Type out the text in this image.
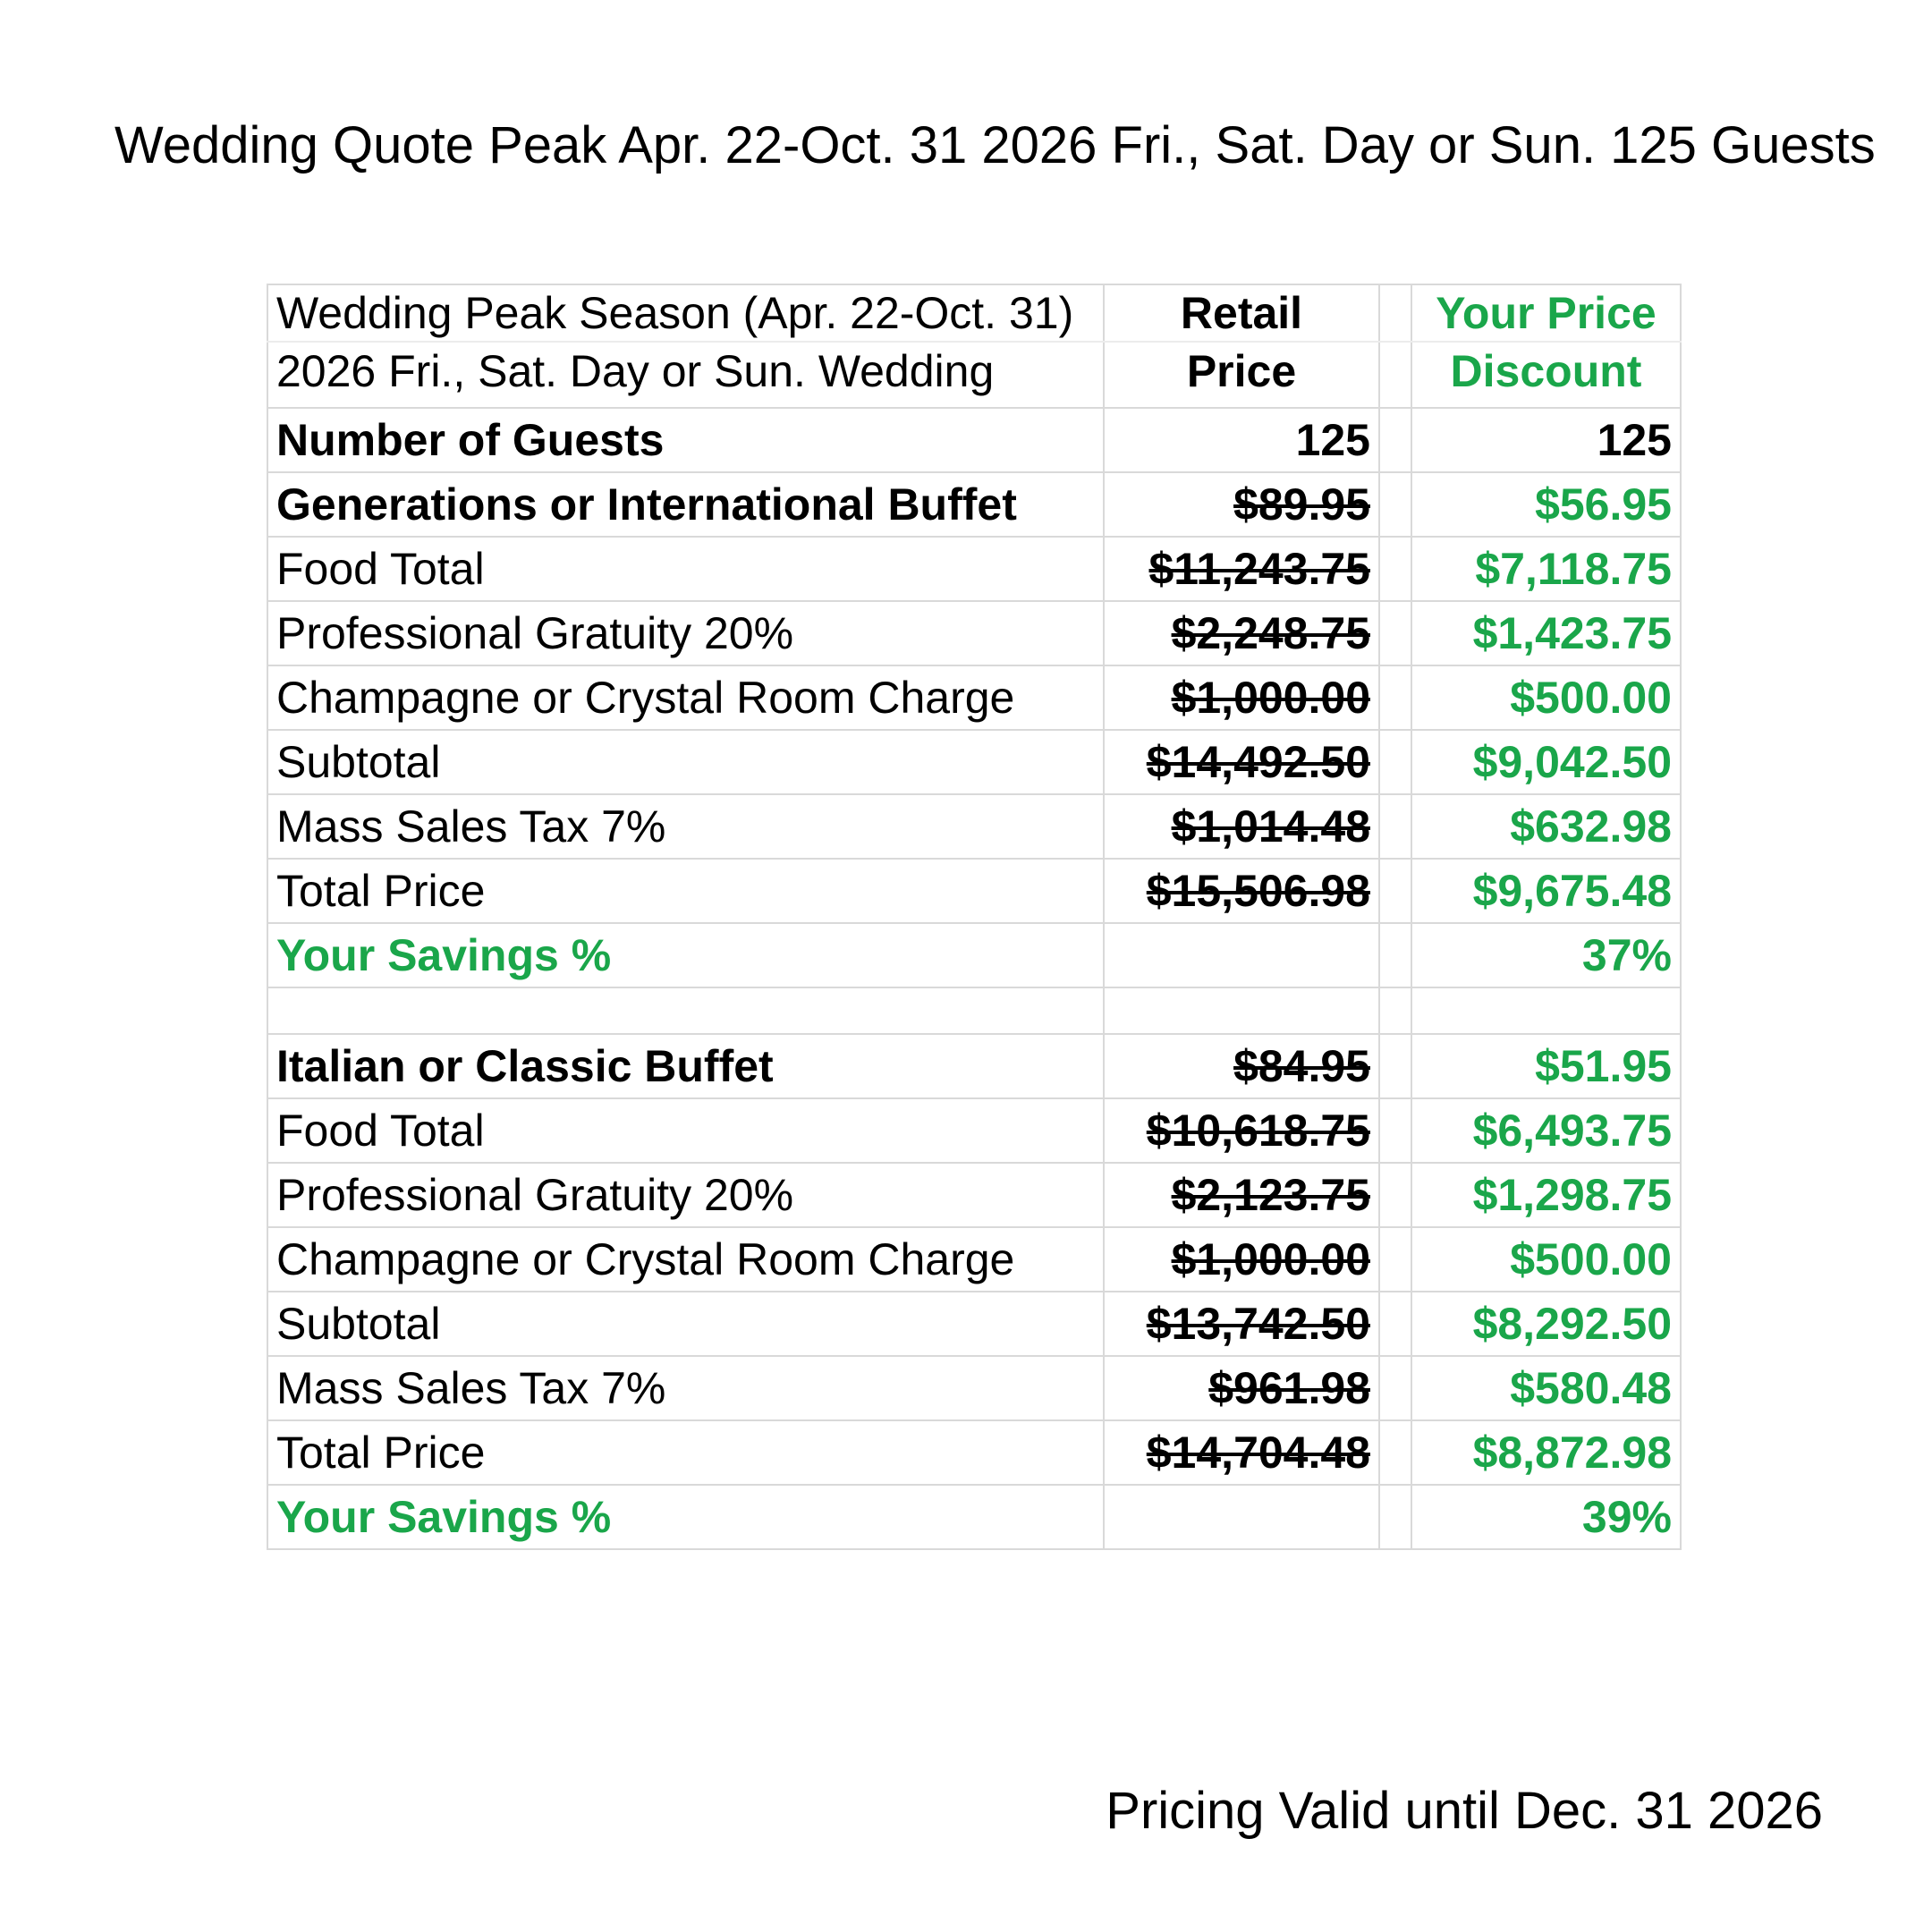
Wedding Quote Peak Apr. 22-Oct. 31 2026 Fri., Sat. Day or Sun. 125 Guests
Wedding Peak Season (Apr. 22-Oct. 31)	Retail		Your Price
2026 Fri., Sat. Day or Sun. Wedding	Price		Discount
Number of Guests	125		125
Generations or International Buffet	$89.95		$56.95
Food Total	$11,243.75		$7,118.75
Professional Gratuity 20%	$2,248.75		$1,423.75
Champagne or Crystal Room Charge	$1,000.00		$500.00
Subtotal	$14,492.50		$9,042.50
Mass Sales Tax 7%	$1,014.48		$632.98
Total Price	$15,506.98		$9,675.48
Your Savings %			37%

Italian or Classic Buffet	$84.95		$51.95
Food Total	$10,618.75		$6,493.75
Professional Gratuity 20%	$2,123.75		$1,298.75
Champagne or Crystal Room Charge	$1,000.00		$500.00
Subtotal	$13,742.50		$8,292.50
Mass Sales Tax 7%	$961.98		$580.48
Total Price	$14,704.48		$8,872.98
Your Savings %			39%
Pricing Valid until Dec. 31 2026
